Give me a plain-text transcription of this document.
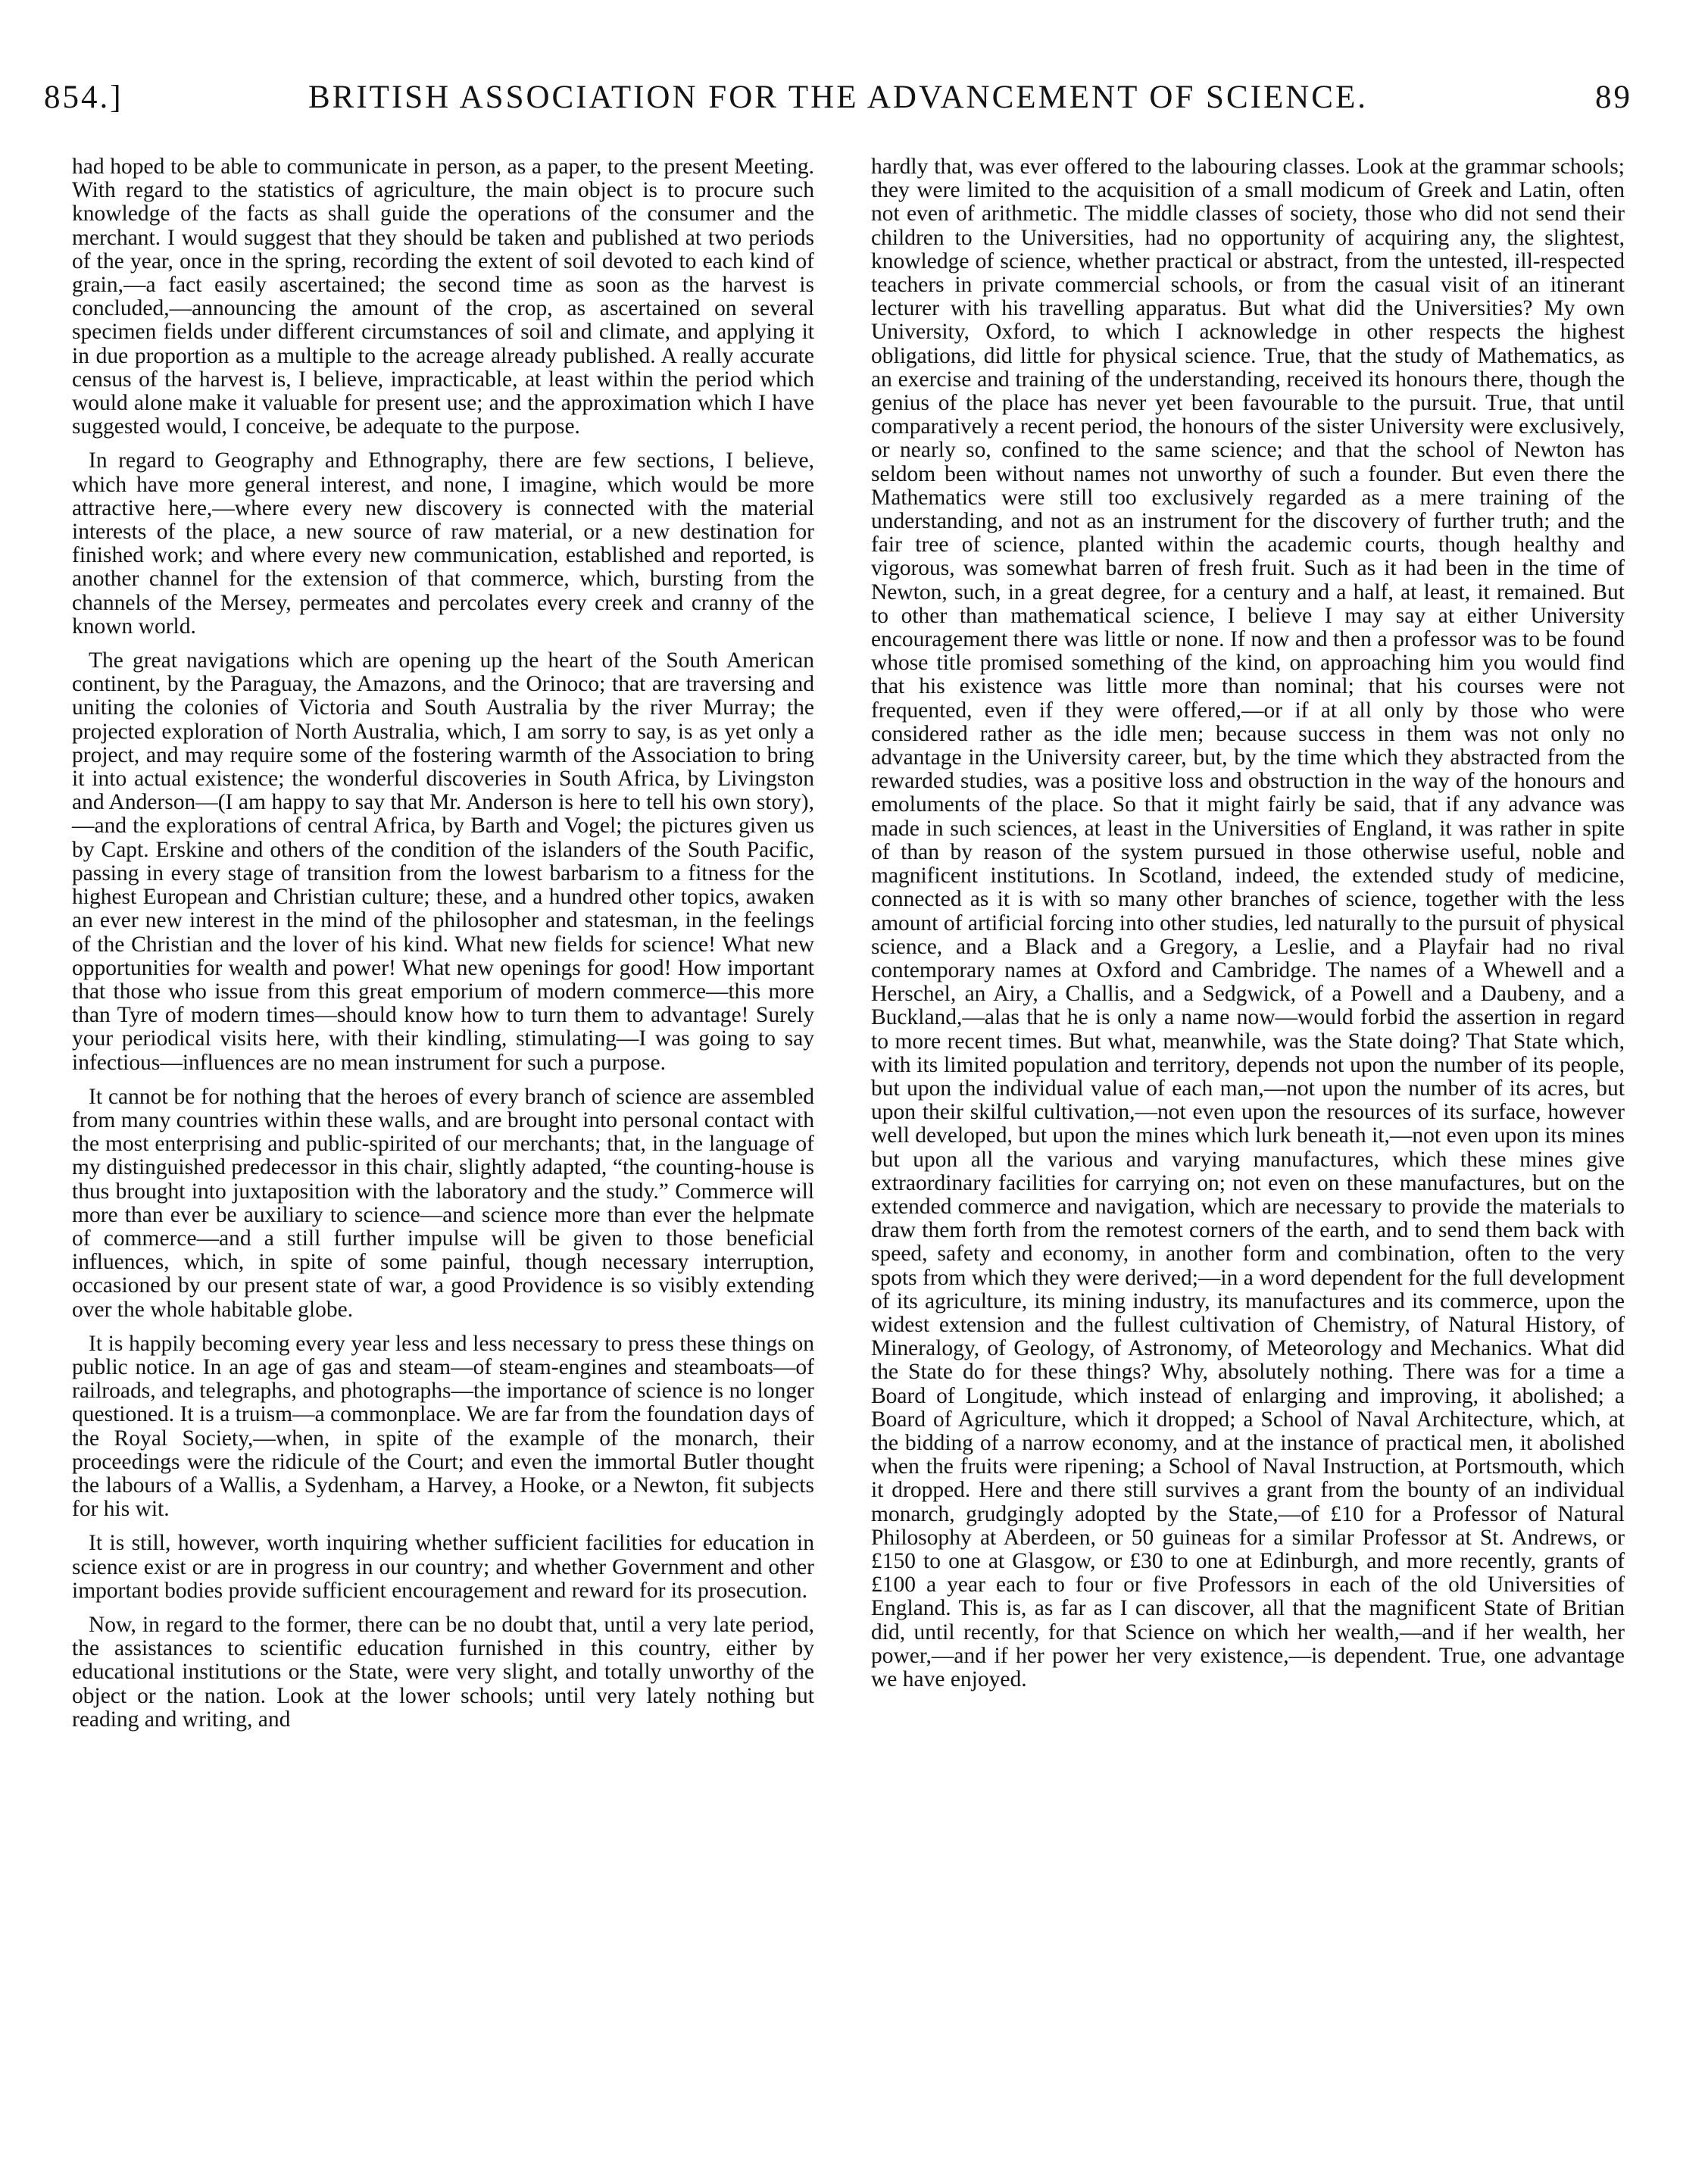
854.]	BRITISH ASSOCIATION FOR THE ADVANCEMENT OF SCIENCE.	89

had hoped to be able to communicate in person, as a paper, to the present Meeting. With regard to the statistics of agriculture, the main object is to procure such knowledge of the facts as shall guide the operations of the consumer and the merchant. I would suggest that they should be taken and published at two periods of the year, once in the spring, recording the extent of soil devoted to each kind of grain,—a fact easily ascertained; the second time as soon as the harvest is concluded,—announcing the amount of the crop, as ascertained on several specimen fields under different circumstances of soil and climate, and applying it in due proportion as a multiple to the acreage already published. A really accurate census of the harvest is, I believe, impracticable, at least within the period which would alone make it valuable for present use; and the approximation which I have suggested would, I conceive, be adequate to the purpose.

In regard to Geography and Ethnography, there are few sections, I believe, which have more general interest, and none, I imagine, which would be more attractive here,—where every new discovery is connected with the material interests of the place, a new source of raw material, or a new destination for finished work; and where every new communication, established and reported, is another channel for the extension of that commerce, which, bursting from the channels of the Mersey, permeates and percolates every creek and cranny of the known world.

The great navigations which are opening up the heart of the South American continent, by the Paraguay, the Amazons, and the Orinoco; that are traversing and uniting the colonies of Victoria and South Australia by the river Murray; the projected exploration of North Australia, which, I am sorry to say, is as yet only a project, and may require some of the fostering warmth of the Association to bring it into actual existence; the wonderful discoveries in South Africa, by Livingston and Anderson—(I am happy to say that Mr. Anderson is here to tell his own story),—and the explorations of central Africa, by Barth and Vogel; the pictures given us by Capt. Erskine and others of the condition of the islanders of the South Pacific, passing in every stage of transition from the lowest barbarism to a fitness for the highest European and Christian culture; these, and a hundred other topics, awaken an ever new interest in the mind of the philosopher and statesman, in the feelings of the Christian and the lover of his kind. What new fields for science! What new opportunities for wealth and power! What new openings for good! How important that those who issue from this great emporium of modern commerce—this more than Tyre of modern times—should know how to turn them to advantage! Surely your periodical visits here, with their kindling, stimulating—I was going to say infectious—influences are no mean instrument for such a purpose.

It cannot be for nothing that the heroes of every branch of science are assembled from many countries within these walls, and are brought into personal contact with the most enterprising and public-spirited of our merchants; that, in the language of my distinguished predecessor in this chair, slightly adapted, “the counting-house is thus brought into juxtaposition with the laboratory and the study.” Commerce will more than ever be auxiliary to science—and science more than ever the helpmate of commerce—and a still further impulse will be given to those beneficial influences, which, in spite of some painful, though necessary interruption, occasioned by our present state of war, a good Providence is so visibly extending over the whole habitable globe.

It is happily becoming every year less and less necessary to press these things on public notice. In an age of gas and steam—of steam-engines and steamboats—of railroads, and telegraphs, and photographs—the importance of science is no longer questioned. It is a truism—a commonplace. We are far from the foundation days of the Royal Society,—when, in spite of the example of the monarch, their proceedings were the ridicule of the Court; and even the immortal Butler thought the labours of a Wallis, a Sydenham, a Harvey, a Hooke, or a Newton, fit subjects for his wit.

It is still, however, worth inquiring whether sufficient facilities for education in science exist or are in progress in our country; and whether Government and other important bodies provide sufficient encouragement and reward for its prosecution.

Now, in regard to the former, there can be no doubt that, until a very late period, the assistances to scientific education furnished in this country, either by educational institutions or the State, were very slight, and totally unworthy of the object or the nation. Look at the lower schools; until very lately nothing but reading and writing, and

hardly that, was ever offered to the labouring classes. Look at the grammar schools; they were limited to the acquisition of a small modicum of Greek and Latin, often not even of arithmetic. The middle classes of society, those who did not send their children to the Universities, had no opportunity of acquiring any, the slightest, knowledge of science, whether practical or abstract, from the untested, ill-respected teachers in private commercial schools, or from the casual visit of an itinerant lecturer with his travelling apparatus. But what did the Universities? My own University, Oxford, to which I acknowledge in other respects the highest obligations, did little for physical science. True, that the study of Mathematics, as an exercise and training of the understanding, received its honours there, though the genius of the place has never yet been favourable to the pursuit. True, that until comparatively a recent period, the honours of the sister University were exclusively, or nearly so, confined to the same science; and that the school of Newton has seldom been without names not unworthy of such a founder. But even there the Mathematics were still too exclusively regarded as a mere training of the understanding, and not as an instrument for the discovery of further truth; and the fair tree of science, planted within the academic courts, though healthy and vigorous, was somewhat barren of fresh fruit. Such as it had been in the time of Newton, such, in a great degree, for a century and a half, at least, it remained. But to other than mathematical science, I believe I may say at either University encouragement there was little or none. If now and then a professor was to be found whose title promised something of the kind, on approaching him you would find that his existence was little more than nominal; that his courses were not frequented, even if they were offered,—or if at all only by those who were considered rather as the idle men; because success in them was not only no advantage in the University career, but, by the time which they abstracted from the rewarded studies, was a positive loss and obstruction in the way of the honours and emoluments of the place. So that it might fairly be said, that if any advance was made in such sciences, at least in the Universities of England, it was rather in spite of than by reason of the system pursued in those otherwise useful, noble and magnificent institutions. In Scotland, indeed, the extended study of medicine, connected as it is with so many other branches of science, together with the less amount of artificial forcing into other studies, led naturally to the pursuit of physical science, and a Black and a Gregory, a Leslie, and a Playfair had no rival contemporary names at Oxford and Cambridge. The names of a Whewell and a Herschel, an Airy, a Challis, and a Sedgwick, of a Powell and a Daubeny, and a Buckland,—alas that he is only a name now—would forbid the assertion in regard to more recent times. But what, meanwhile, was the State doing? That State which, with its limited population and territory, depends not upon the number of its people, but upon the individual value of each man,—not upon the number of its acres, but upon their skilful cultivation,—not even upon the resources of its surface, however well developed, but upon the mines which lurk beneath it,—not even upon its mines but upon all the various and varying manufactures, which these mines give extraordinary facilities for carrying on; not even on these manufactures, but on the extended commerce and navigation, which are necessary to provide the materials to draw them forth from the remotest corners of the earth, and to send them back with speed, safety and economy, in another form and combination, often to the very spots from which they were derived;—in a word dependent for the full development of its agriculture, its mining industry, its manufactures and its commerce, upon the widest extension and the fullest cultivation of Chemistry, of Natural History, of Mineralogy, of Geology, of Astronomy, of Meteorology and Mechanics. What did the State do for these things? Why, absolutely nothing. There was for a time a Board of Longitude, which instead of enlarging and improving, it abolished; a Board of Agriculture, which it dropped; a School of Naval Architecture, which, at the bidding of a narrow economy, and at the instance of practical men, it abolished when the fruits were ripening; a School of Naval Instruction, at Portsmouth, which it dropped. Here and there still survives a grant from the bounty of an individual monarch, grudgingly adopted by the State,—of £10 for a Professor of Natural Philosophy at Aberdeen, or 50 guineas for a similar Professor at St. Andrews, or £150 to one at Glasgow, or £30 to one at Edinburgh, and more recently, grants of £100 a year each to four or five Professors in each of the old Universities of England. This is, as far as I can discover, all that the magnificent State of Britian did, until recently, for that Science on which her wealth,—and if her wealth, her power,—and if her power her very existence,—is dependent. True, one advantage we have enjoyed.
